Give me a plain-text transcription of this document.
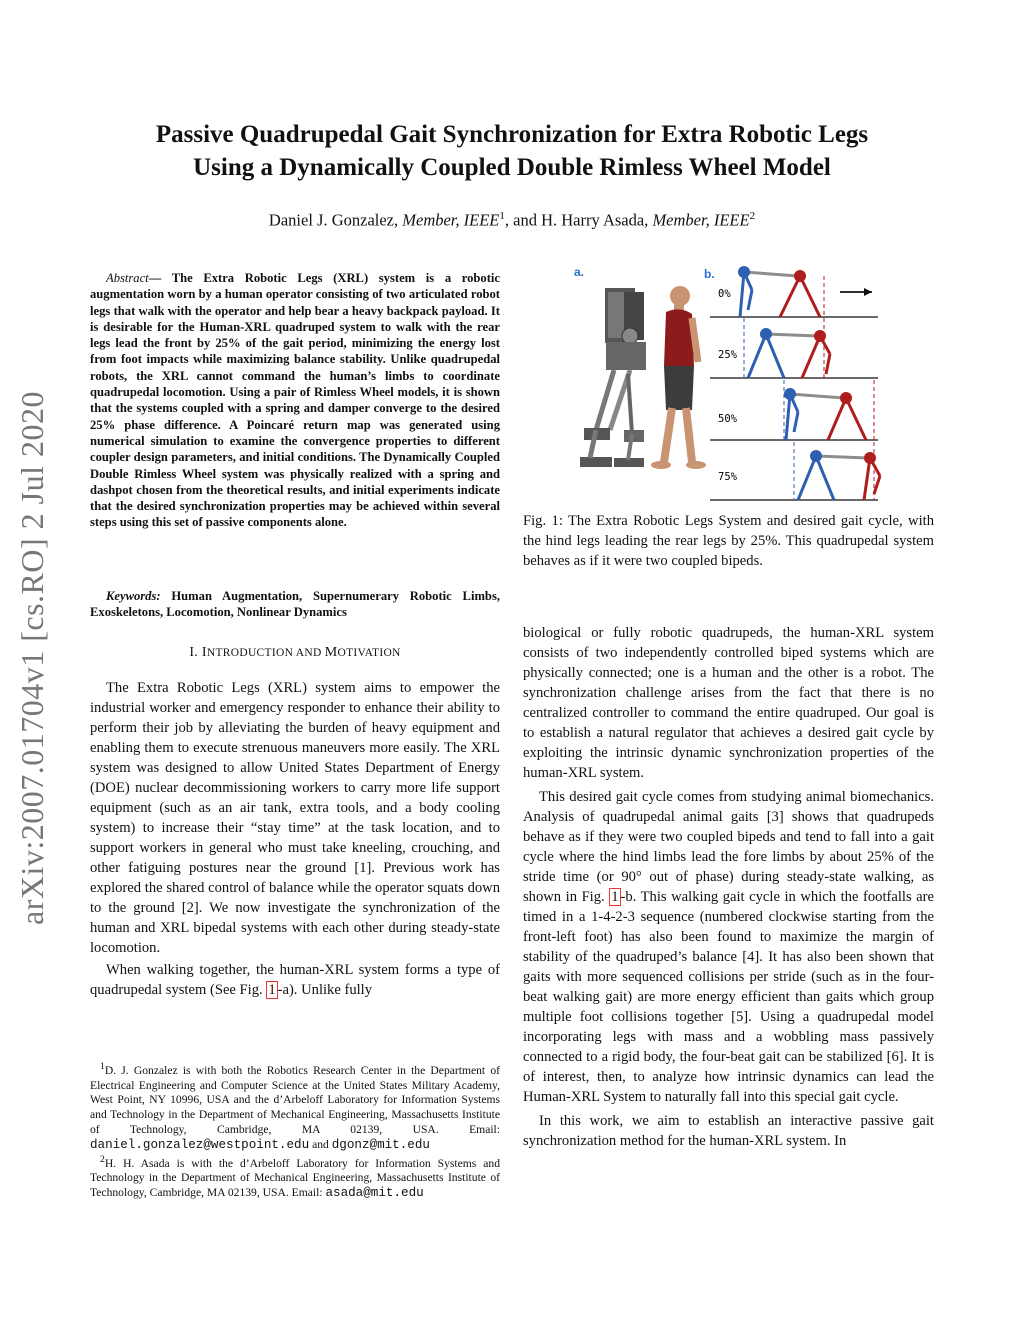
Passive Quadrupedal Gait Synchronization for Extra Robotic Legs
Using a Dynamically Coupled Double Rimless Wheel Model
Daniel J. Gonzalez, Member, IEEE$^1$, and H. Harry Asada, Member, IEEE$^2$
arXiv:2007.01704v1 [cs.RO] 2 Jul 2020
Abstract— The Extra Robotic Legs (XRL) system is a robotic augmentation worn by a human operator consisting of two articulated robot legs that walk with the operator and help bear a heavy backpack payload. It is desirable for the Human-XRL quadruped system to walk with the rear legs lead the front by 25% of the gait period, minimizing the energy lost from foot impacts while maximizing balance stability. Unlike quadrupedal robots, the XRL cannot command the human’s limbs to coordinate quadrupedal locomotion. Using a pair of Rimless Wheel models, it is shown that the systems coupled with a spring and damper converge to the desired 25% phase difference. A Poincaré return map was generated using numerical simulation to examine the convergence properties to different coupler design parameters, and initial conditions. The Dynamically Coupled Double Rimless Wheel system was physically realized with a spring and dashpot chosen from the theoretical results, and initial experiments indicate that the desired synchronization properties may be achieved within several steps using this set of passive components alone.
Keywords: Human Augmentation, Supernumerary Robotic Limbs, Exoskeletons, Locomotion, Nonlinear Dynamics
I. INTRODUCTION AND MOTIVATION

The Extra Robotic Legs (XRL) system aims to empower the industrial worker and emergency responder to enhance their ability to perform their job by alleviating the burden of heavy equipment and enabling them to execute strenuous maneuvers more easily. The XRL system was designed to allow United States Department of Energy (DOE) nuclear decommissioning workers to carry more life support equipment (such as an air tank, extra tools, and a body cooling system) to increase their “stay time” at the task location, and to support workers in general who must take kneeling, crouching, and other fatiguing postures near the ground [1]. Previous work has explored the shared control of balance while the operator squats down to the ground [2]. We now investigate the synchronization of the human and XRL bipedal systems with each other during steady-state locomotion.

When walking together, the human-XRL system forms a type of quadrupedal system (See Fig. 1 -a). Unlike fully

$^1$D. J. Gonzalez is with both the Robotics Research Center in the Department of Electrical Engineering and Computer Science at the United States Military Academy, West Point, NY 10996, USA and the d’Arbeloff Laboratory for Information Systems and Technology in the Department of Mechanical Engineering, Massachusetts Institute of Technology, Cambridge, MA 02139, USA. Email: daniel.gonzalez@westpoint.edu and dgonz@mit.edu

$^2$H. H. Asada is with the d’Arbeloff Laboratory for Information Systems and Technology in the Department of Mechanical Engineering, Massachusetts Institute of Technology, Cambridge, MA 02139, USA. Email: asada@mit.edu

a.	b.
0%
25%
50%
75%
Fig. 1: The Extra Robotic Legs System and desired gait cycle, with the hind legs leading the rear legs by 25%. This quadrupedal system behaves as if it were two coupled bipeds.

biological or fully robotic quadrupeds, the human-XRL system consists of two independently controlled biped systems which are physically connected; one is a human and the other is a robot. The synchronization challenge arises from the fact that there is no centralized controller to command the entire quadruped. Our goal is to establish a natural regulator that achieves a desired gait cycle by exploiting the intrinsic dynamic synchronization properties of the human-XRL system.

This desired gait cycle comes from studying animal biomechanics. Analysis of quadrupedal animal gaits [3] shows that quadrupeds behave as if they were two coupled bipeds and tend to fall into a gait cycle where the hind limbs lead the fore limbs by about 25% of the stride time (or 90° out of phase) during steady-state walking, as shown in Fig. 1 -b. This walking gait cycle in which the footfalls are timed in a 1-4-2-3 sequence (numbered clockwise starting from the front-left foot) has also been found to maximize the margin of stability of the quadruped’s balance [4]. It has also been shown that gaits with more sequenced collisions per stride (such as in the four-beat walking gait) are more energy efficient than gaits which group multiple foot collisions together [5]. Using a quadrupedal model incorporating legs with mass and a wobbling mass passively connected to a rigid body, the four-beat gait can be stabilized [6]. It is of interest, then, to analyze how intrinsic dynamics can lead the Human-XRL System to naturally fall into this special gait cycle.

In this work, we aim to establish an interactive passive gait synchronization method for the human-XRL system. In
